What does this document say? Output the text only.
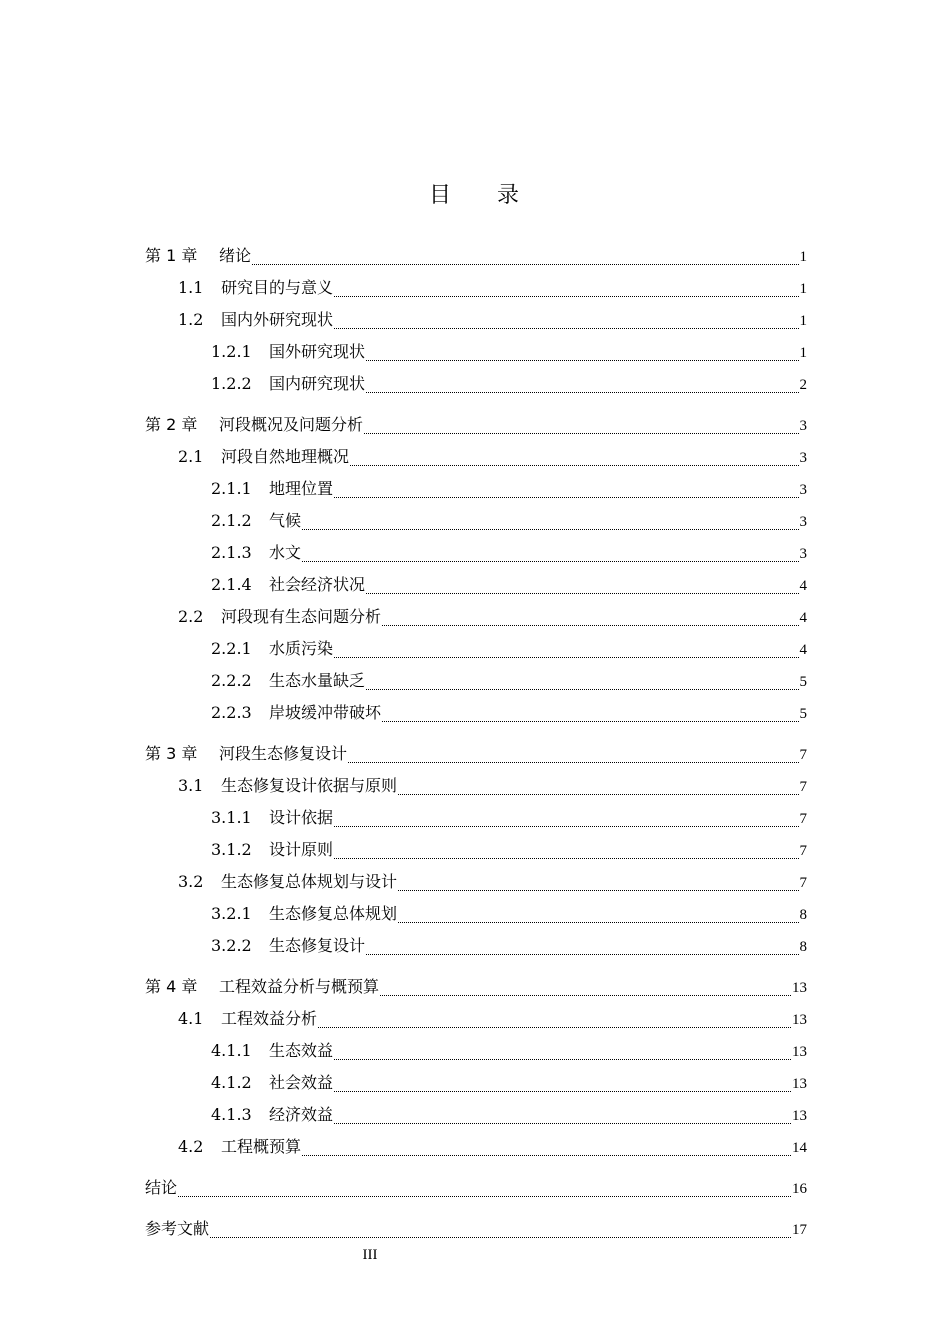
目 录
第 1 章	绪论	1
1.1	研究目的与意义	1
1.2	国内外研究现状	1
1.2.1	国外研究现状	1
1.2.2	国内研究现状	2
第 2 章	河段概况及问题分析	3
2.1	河段自然地理概况	3
2.1.1	地理位置	3
2.1.2	气候	3
2.1.3	水文	3
2.1.4	社会经济状况	4
2.2	河段现有生态问题分析	4
2.2.1	水质污染	4
2.2.2	生态水量缺乏	5
2.2.3	岸坡缓冲带破坏	5
第 3 章	河段生态修复设计	7
3.1	生态修复设计依据与原则	7
3.1.1	设计依据	7
3.1.2	设计原则	7
3.2	生态修复总体规划与设计	7
3.2.1	生态修复总体规划	8
3.2.2	生态修复设计	8
第 4 章	工程效益分析与概预算	13
4.1	工程效益分析	13
4.1.1	生态效益	13
4.1.2	社会效益	13
4.1.3	经济效益	13
4.2	工程概预算	14
结论	16
参考文献	17
III
